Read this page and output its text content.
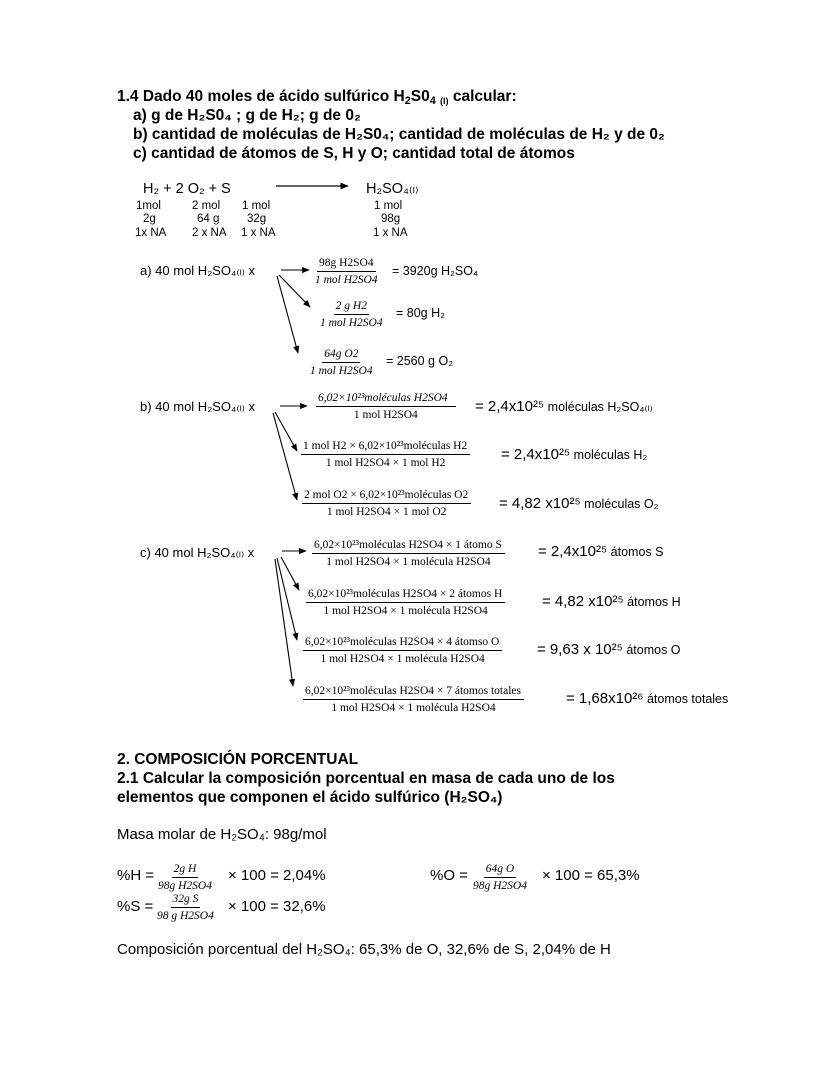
1.4 Dado 40 moles de ácido sulfúrico $H_2S0_4$ $_{(l)}$ calcular:
a) g de H₂S0₄ ; g de H₂; g de 0₂
b) cantidad de moléculas de H₂S0₄; cantidad de moléculas de H₂ y de 0₂
c) cantidad de átomos de S, H y O; cantidad total de átomos
H₂ + 2 O₂ + S	H₂SO₄₍ₗ₎
1mol	2 mol 1 mol	1 mol
2g	64 g 32g	98g
1x NA 2 x NA 1 x NA	1 x NA
a) 40 mol H₂SO₄₍ₗ₎ x	98g H2SO4
1 mol H2SO4
= 3920g H₂SO₄
2 g H2
1 mol H2SO4
= 80g H₂
64g O2
1 mol H2SO4
= 2560 g O₂
b) 40 mol H₂SO₄₍ₗ₎ x
6,02×10²³moléculas H2SO4
1 mol H2SO4	= 2,4x10²⁵ moléculas H₂SO₄₍ₗ₎
1 mol H2 × 6,02×10²³moléculas H2
1 mol H2SO4 × 1 mol H2	= 2,4x10²⁵ moléculas H₂
2 mol O2 × 6,02×10²³moléculas O2
1 mol H2SO4 × 1 mol O2	= 4,82 x10²⁵ moléculas O₂
c) 40 mol H₂SO₄₍ₗ₎ x	6,02×10²³moléculas H2SO4 × 1 átomo S
1 mol H2SO4 × 1 molécula H2SO4
= 2,4x10²⁵ átomos S
6,02×10²³moléculas H2SO4 × 2 átomos H
1 mol H2SO4 × 1 molécula H2SO4
= 4,82 x10²⁵ átomos H
6,02×10²³moléculas H2SO4 × 4 átomso O
1 mol H2SO4 × 1 molécula H2SO4
= 9,63 x 10²⁵ átomos O
6,02×10²³moléculas H2SO4 × 7 átomos totales
1 mol H2SO4 × 1 molécula H2SO4
= 1,68x10²⁶ átomos totales
2. COMPOSICIÓN PORCENTUAL
2.1 Calcular la composición porcentual en masa de cada uno de los
elementos que componen el ácido sulfúrico (H₂SO₄)
Masa molar de H₂SO₄: 98g/mol
$\%H = \frac{\text{2g H}}{\text{98g H2SO4}} \times 100 = 2,04\%$	$\%O = \frac{\text{64g O}}{\text{98g H2SO4}} \times 100 = 65,3\%$
$\%S = \frac{\text{32g S}}{\text{98 g H2SO4}} \times 100 = 32,6\%$
Composición porcentual del H₂SO₄: 65,3% de O, 32,6% de S, 2,04% de H
